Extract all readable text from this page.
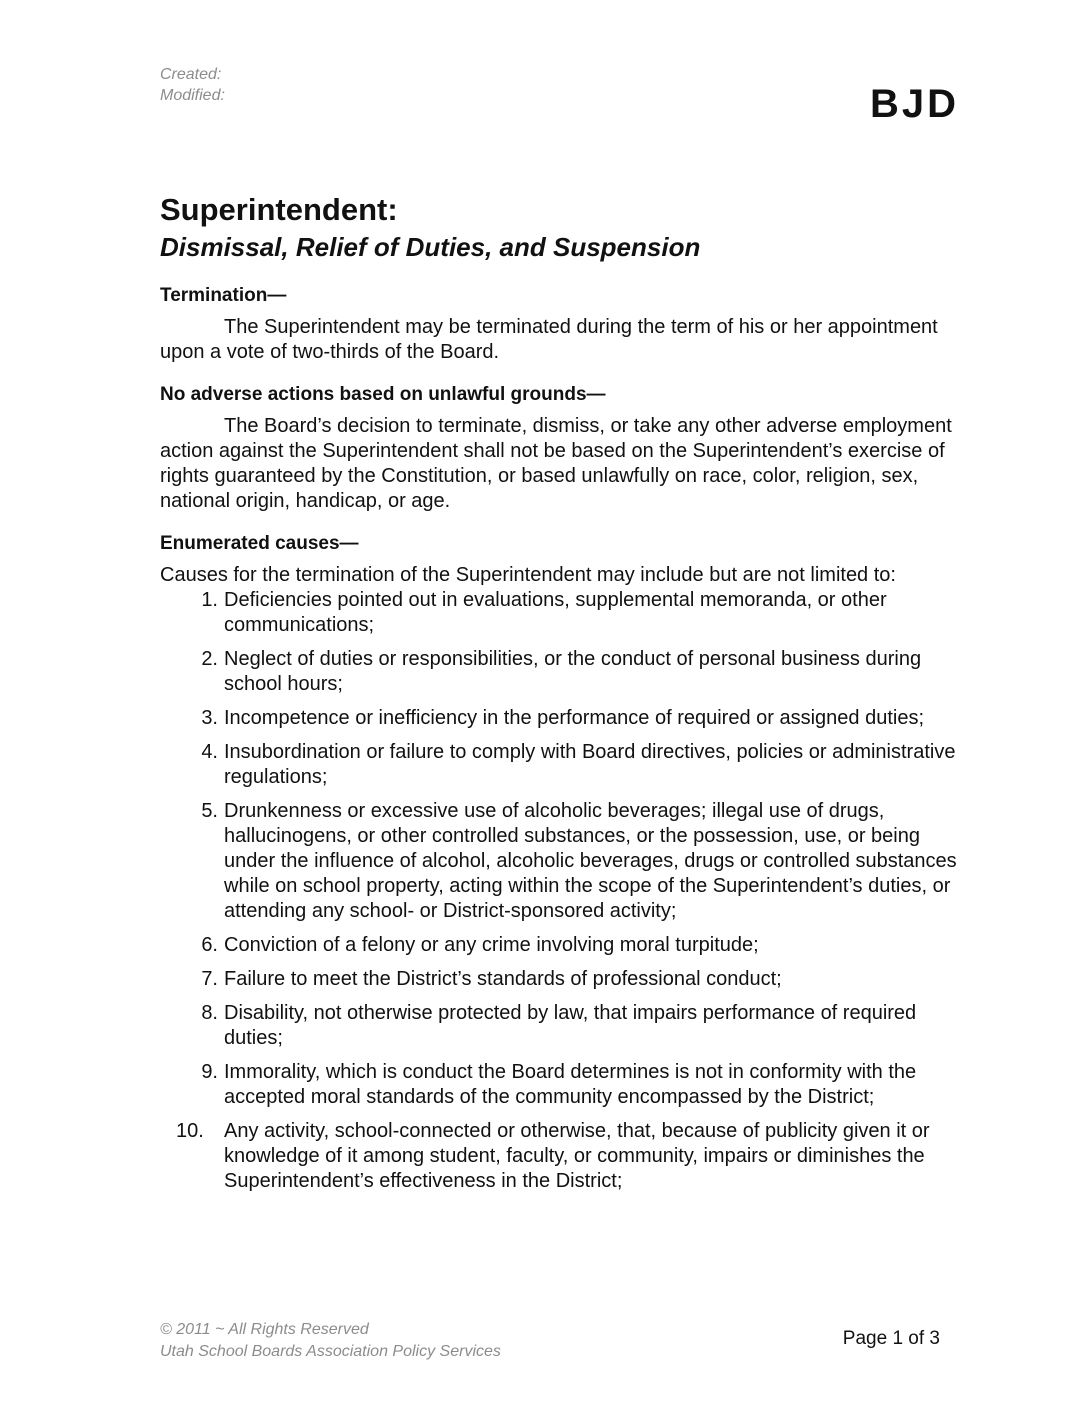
Created:
Modified:	BJD
Superintendent:
Dismissal, Relief of Duties, and Suspension
Termination—

The Superintendent may be terminated during the term of his or her appointment upon a vote of two-thirds of the Board.

No adverse actions based on unlawful grounds—

The Board’s decision to terminate, dismiss, or take any other adverse employment action against the Superintendent shall not be based on the Superintendent’s exercise of rights guaranteed by the Constitution, or based unlawfully on race, color, religion, sex, national origin, handicap, or age.

Enumerated causes—

Causes for the termination of the Superintendent may include but are not limited to:

1. Deficiencies pointed out in evaluations, supplemental memoranda, or other communications;
2. Neglect of duties or responsibilities, or the conduct of personal business during school hours;
3. Incompetence or inefficiency in the performance of required or assigned duties;
4. Insubordination or failure to comply with Board directives, policies or administrative regulations;
5. Drunkenness or excessive use of alcoholic beverages; illegal use of drugs, hallucinogens, or other controlled substances, or the possession, use, or being under the influence of alcohol, alcoholic beverages, drugs or controlled substances while on school property, acting within the scope of the Superintendent’s duties, or attending any school- or District-sponsored activity;
6. Conviction of a felony or any crime involving moral turpitude;
7. Failure to meet the District’s standards of professional conduct;
8. Disability, not otherwise protected by law, that impairs performance of required duties;
9. Immorality, which is conduct the Board determines is not in conformity with the accepted moral standards of the community encompassed by the District;
10.	Any activity, school-connected or otherwise, that, because of publicity given it or knowledge of it among student, faculty, or community, impairs or diminishes the Superintendent’s effectiveness in the District;
© 2011 ~ All Rights Reserved
Utah School Boards Association Policy Services
Page 1 of 3
